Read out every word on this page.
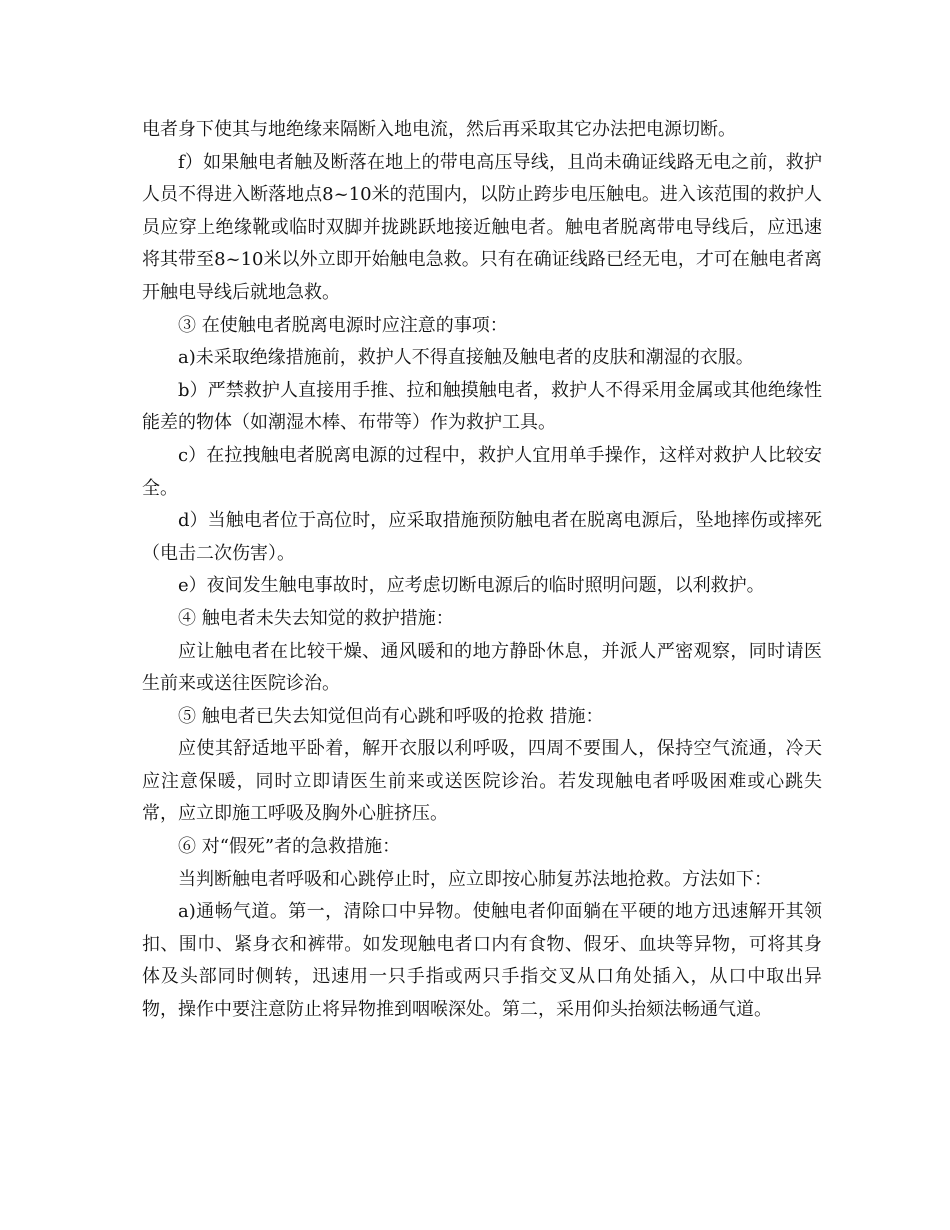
电者身下使其与地绝缘来隔断入地电流，然后再采取其它办法把电源切断。

f）如果触电者触及断落在地上的带电高压导线，且尚未确证线路无电之前，救护人员不得进入断落地点8~10米的范围内，以防止跨步电压触电。进入该范围的救护人员应穿上绝缘靴或临时双脚并拢跳跃地接近触电者。触电者脱离带电导线后，应迅速将其带至8~10米以外立即开始触电急救。只有在确证线路已经无电，才可在触电者离开触电导线后就地急救。

③ 在使触电者脱离电源时应注意的事项：

a)未采取绝缘措施前，救护人不得直接触及触电者的皮肤和潮湿的衣服。

b）严禁救护人直接用手推、拉和触摸触电者，救护人不得采用金属或其他绝缘性能差的物体（如潮湿木棒、布带等）作为救护工具。

c）在拉拽触电者脱离电源的过程中，救护人宜用单手操作，这样对救护人比较安全。

d）当触电者位于高位时，应采取措施预防触电者在脱离电源后，坠地摔伤或摔死（电击二次伤害）。

e）夜间发生触电事故时，应考虑切断电源后的临时照明问题，以利救护。

④ 触电者未失去知觉的救护措施：

应让触电者在比较干燥、通风暖和的地方静卧休息，并派人严密观察，同时请医生前来或送往医院诊治。

⑤ 触电者已失去知觉但尚有心跳和呼吸的抢救 措施：

应使其舒适地平卧着，解开衣服以利呼吸，四周不要围人，保持空气流通，冷天应注意保暖，同时立即请医生前来或送医院诊治。若发现触电者呼吸困难或心跳失常，应立即施工呼吸及胸外心脏挤压。

⑥ 对“假死”者的急救措施：

当判断触电者呼吸和心跳停止时，应立即按心肺复苏法地抢救。方法如下：

a)通畅气道。第一，清除口中异物。使触电者仰面躺在平硬的地方迅速解开其领扣、围巾、紧身衣和裤带。如发现触电者口内有食物、假牙、血块等异物，可将其身体及头部同时侧转，迅速用一只手指或两只手指交叉从口角处插入，从口中取出异物，操作中要注意防止将异物推到咽喉深处。第二，采用仰头抬颏法畅通气道。
